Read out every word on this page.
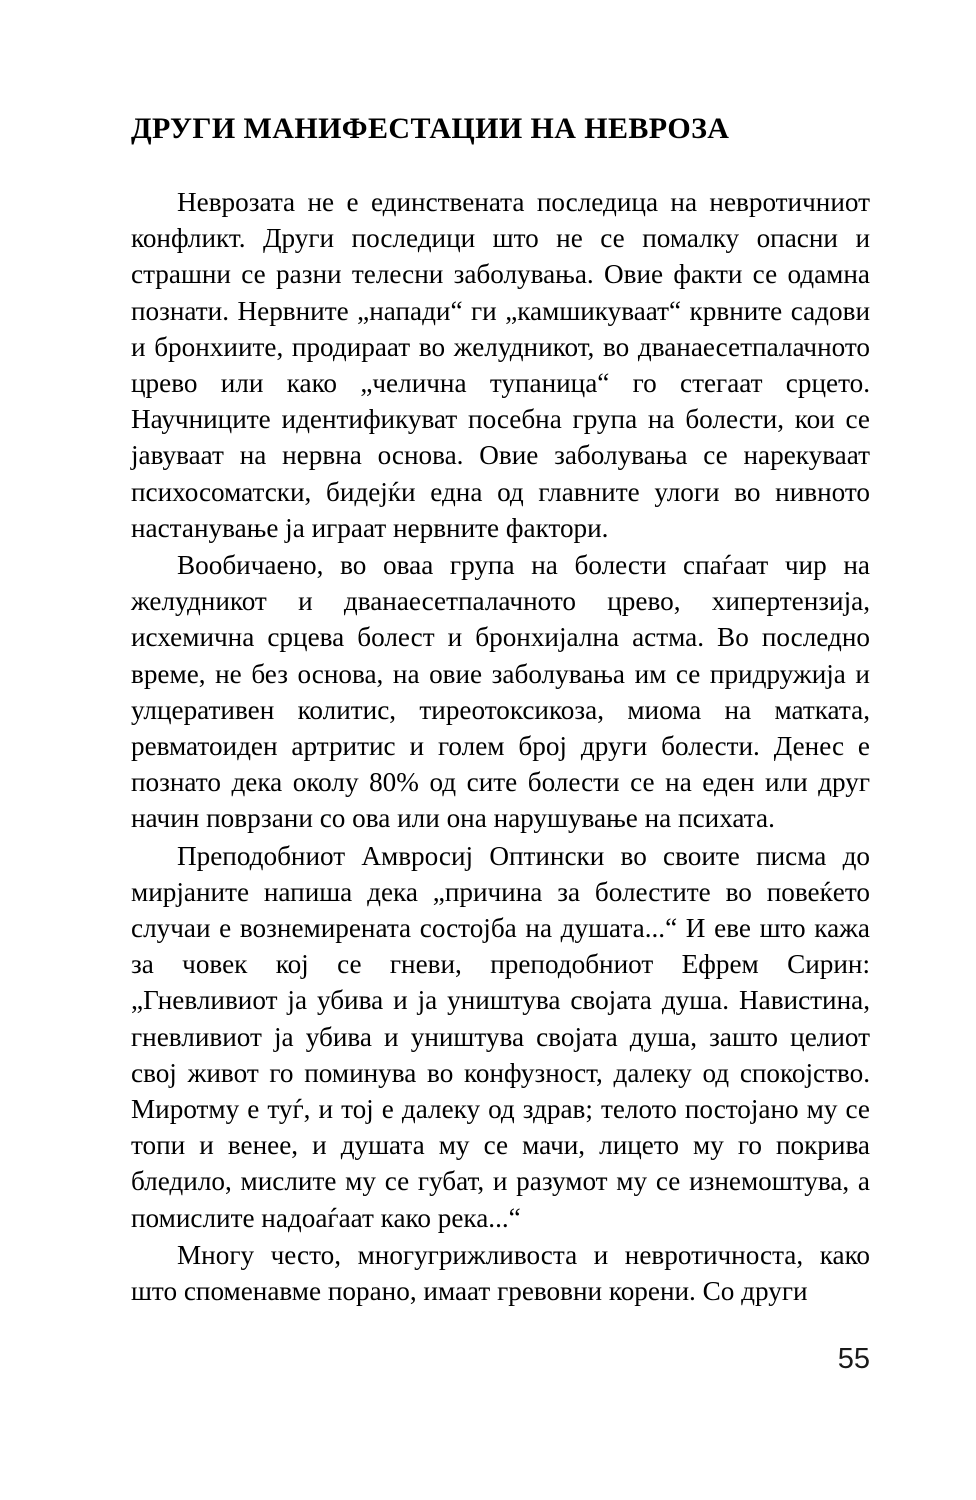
ДРУГИ МАНИФЕСТАЦИИ НА НЕВРОЗА

Неврозата не е единствената последица на невротичниот конфликт. Други последици што не се помалку опасни и страшни се разни телесни заболувања. Овие факти се одамна познати. Нервните „напади“ ги „камшикуваат“ крвните садови и бронхиите, продираат во желудникот, во дванаесетпалачното црево или како „челична тупаница“ го стегаат срцето. Научниците идентификуват посебна група на болести, кои се јавуваат на нервна основа. Овие заболувања се нарекуваат психосоматски, бидејќи една од главните улоги во нивното настанување ја играат нервните фактори.

Вообичаено, во оваа група на болести спаѓаат чир на желудникот и дванаесетпалачното црево, хипертензија, исхемична срцева болест и бронхијална астма. Во последно време, не без основа, на овие заболувања им се придружија и улцеративен колитис, тиреотоксикоза, миома на матката, ревматоиден артритис и голем број други болести. Денес е познато дека околу 80% од сите болести се на еден или друг начин поврзани со ова или она нарушување на психата.

Преподобниот Амвросиј Оптински во своите писма до мирјаните напиша дека „причина за болестите во повеќето случаи е вознемирената состојба на душата...“ И еве што кажа за човек кој се гневи, преподобниот Ефрем Сирин: „Гневливиот ја убива и ја уништува својата душа. Навистина, гневливиот ја убива и уништува својата душа, зашто целиот свој живот го поминува во конфузност, далеку од спокојство. Миротму е туѓ, и тој е далеку од здрав; телото постојано му се топи и венее, и душата му се мачи, лицето му го покрива бледило, мислите му се губат, и разумот му се изнемоштува, а помислите надоаѓаат како река...“

Многу често, многугрижливоста и невротичноста, како што споменавме порано, имаат гревовни корени. Со други

55
